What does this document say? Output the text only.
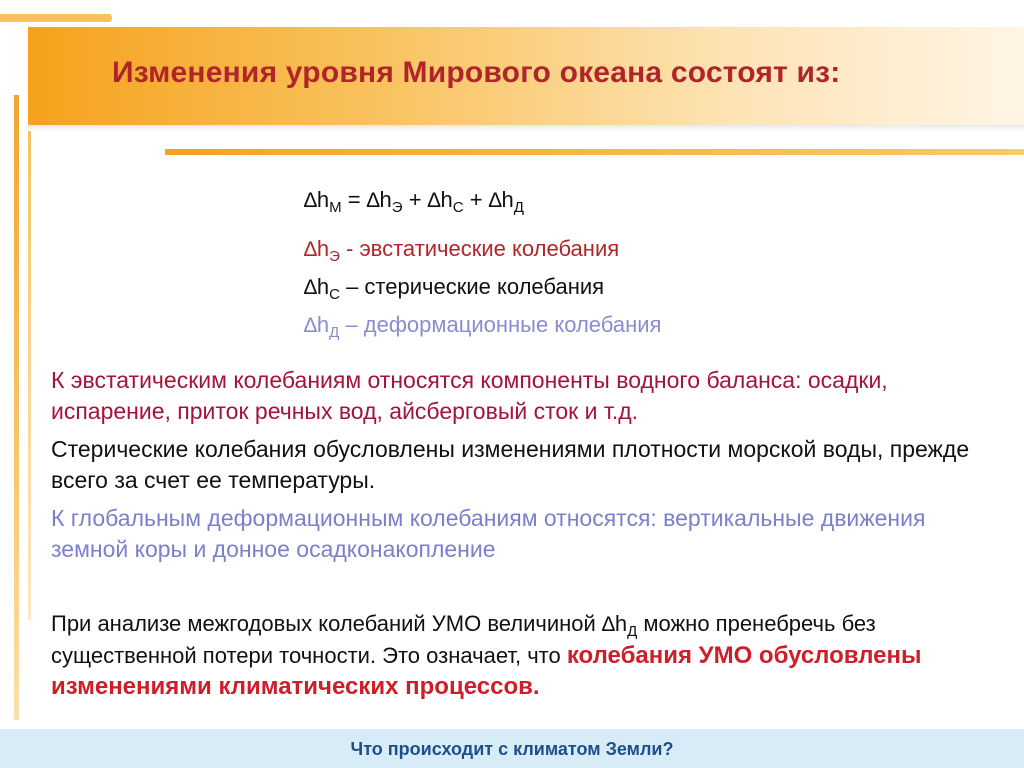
Изменения уровня Мирового океана состоят из:
$\Delta h_М = \Delta h_Э + \Delta h_С + \Delta h_Д$
$\Delta h_Э$ - эвстатические колебания
$\Delta h_С$ – стерические колебания
$\Delta h_Д$ – деформационные колебания
К эвстатическим колебаниям относятся компоненты водного баланса: осадки, испарение, приток речных вод, айсберговый сток и т.д.
Стерические колебания обусловлены изменениями плотности морской воды, прежде всего за счет ее температуры.
К глобальным деформационным колебаниям относятся: вертикальные движения земной коры и донное осадконакопление
При анализе межгодовых колебаний УМО величиной $\Delta h_Д$ можно пренебречь без существенной потери точности. Это означает, что колебания УМО обусловлены изменениями климатических процессов.
Что происходит с климатом Земли?
